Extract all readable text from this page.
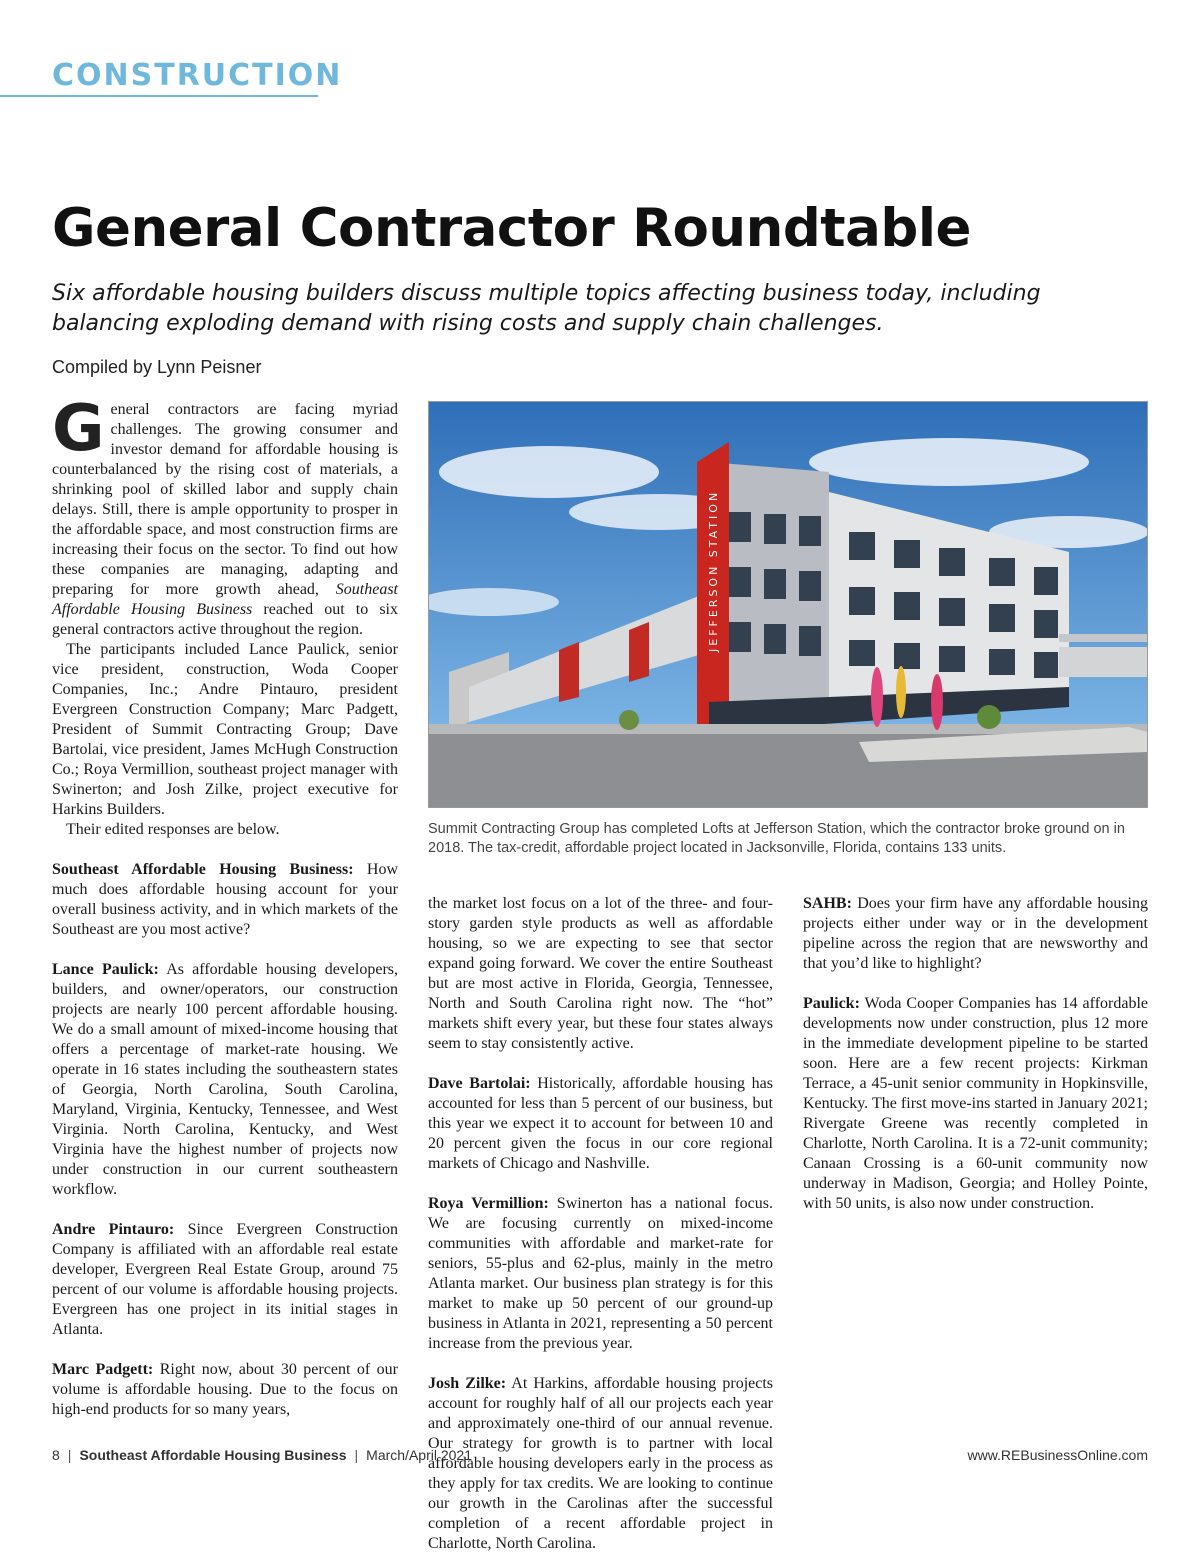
CONSTRUCTION
General Contractor Roundtable

Six affordable housing builders discuss multiple topics affecting business today, including balancing exploding demand with rising costs and supply chain challenges.

Compiled by Lynn Peisner
JEFFERSON STATION

Summit Contracting Group has completed Lofts at Jefferson Station, which the contractor broke ground on in 2018. The tax-credit, affordable project located in Jacksonville, Florida, contains 133 units.

General contractors are facing myriad challenges. The growing consumer and investor demand for affordable housing is counterbalanced by the rising cost of materials, a shrinking pool of skilled labor and supply chain delays. Still, there is ample opportunity to prosper in the affordable space, and most construction firms are increasing their focus on the sector. To find out how these companies are managing, adapting and preparing for more growth ahead, Southeast Affordable Housing Business reached out to six general contractors active throughout the region.

The participants included Lance Paulick, senior vice president, construction, Woda Cooper Companies, Inc.; Andre Pintauro, president Evergreen Construction Company; Marc Padgett, President of Summit Contracting Group; Dave Bartolai, vice president, James McHugh Construction Co.; Roya Vermillion, southeast project manager with Swinerton; and Josh Zilke, project executive for Harkins Builders.

Their edited responses are below.

Southeast Affordable Housing Business: How much does affordable housing account for your overall business activity, and in which markets of the Southeast are you most active?

Lance Paulick: As affordable housing developers, builders, and owner/operators, our construction projects are nearly 100 percent affordable housing. We do a small amount of mixed-income housing that offers a percentage of market-rate housing. We operate in 16 states including the southeastern states of Georgia, North Carolina, South Carolina, Maryland, Virginia, Kentucky, Tennessee, and West Virginia. North Carolina, Kentucky, and West Virginia have the highest number of projects now under construction in our current southeastern workflow.

Andre Pintauro: Since Evergreen Construction Company is affiliated with an affordable real estate developer, Evergreen Real Estate Group, around 75 percent of our volume is affordable housing projects. Evergreen has one project in its initial stages in Atlanta.

Marc Padgett: Right now, about 30 percent of our volume is affordable housing. Due to the focus on high-end products for so many years,

the market lost focus on a lot of the three- and four-story garden style products as well as affordable housing, so we are expecting to see that sector expand going forward. We cover the entire Southeast but are most active in Florida, Georgia, Tennessee, North and South Carolina right now. The “hot” markets shift every year, but these four states always seem to stay consistently active.

Dave Bartolai: Historically, affordable housing has accounted for less than 5 percent of our business, but this year we expect it to account for between 10 and 20 percent given the focus in our core regional markets of Chicago and Nashville.

Roya Vermillion: Swinerton has a national focus. We are focusing currently on mixed-income communities with affordable and market-rate for seniors, 55-plus and 62-plus, mainly in the metro Atlanta market. Our business plan strategy is for this market to make up 50 percent of our ground-up business in Atlanta in 2021, representing a 50 percent increase from the previous year.

Josh Zilke: At Harkins, affordable housing projects account for roughly half of all our projects each year and approximately one-third of our annual revenue. Our strategy for growth is to partner with local affordable housing developers early in the process as they apply for tax credits. We are looking to continue our growth in the Carolinas after the successful completion of a recent affordable project in Charlotte, North Carolina.

SAHB: Does your firm have any affordable housing projects either under way or in the development pipeline across the region that are newsworthy and that you’d like to highlight?

Paulick: Woda Cooper Companies has 14 affordable developments now under construction, plus 12 more in the immediate development pipeline to be started soon. Here are a few recent projects: Kirkman Terrace, a 45-unit senior community in Hopkinsville, Kentucky. The first move-ins started in January 2021; Rivergate Greene was recently completed in Charlotte, North Carolina. It is a 72-unit community; Canaan Crossing is a 60-unit community now underway in Madison, Georgia; and Holley Pointe, with 50 units, is also now under construction.

8 | Southeast Affordable Housing Business | March/April 2021	www.REBusinessOnline.com
